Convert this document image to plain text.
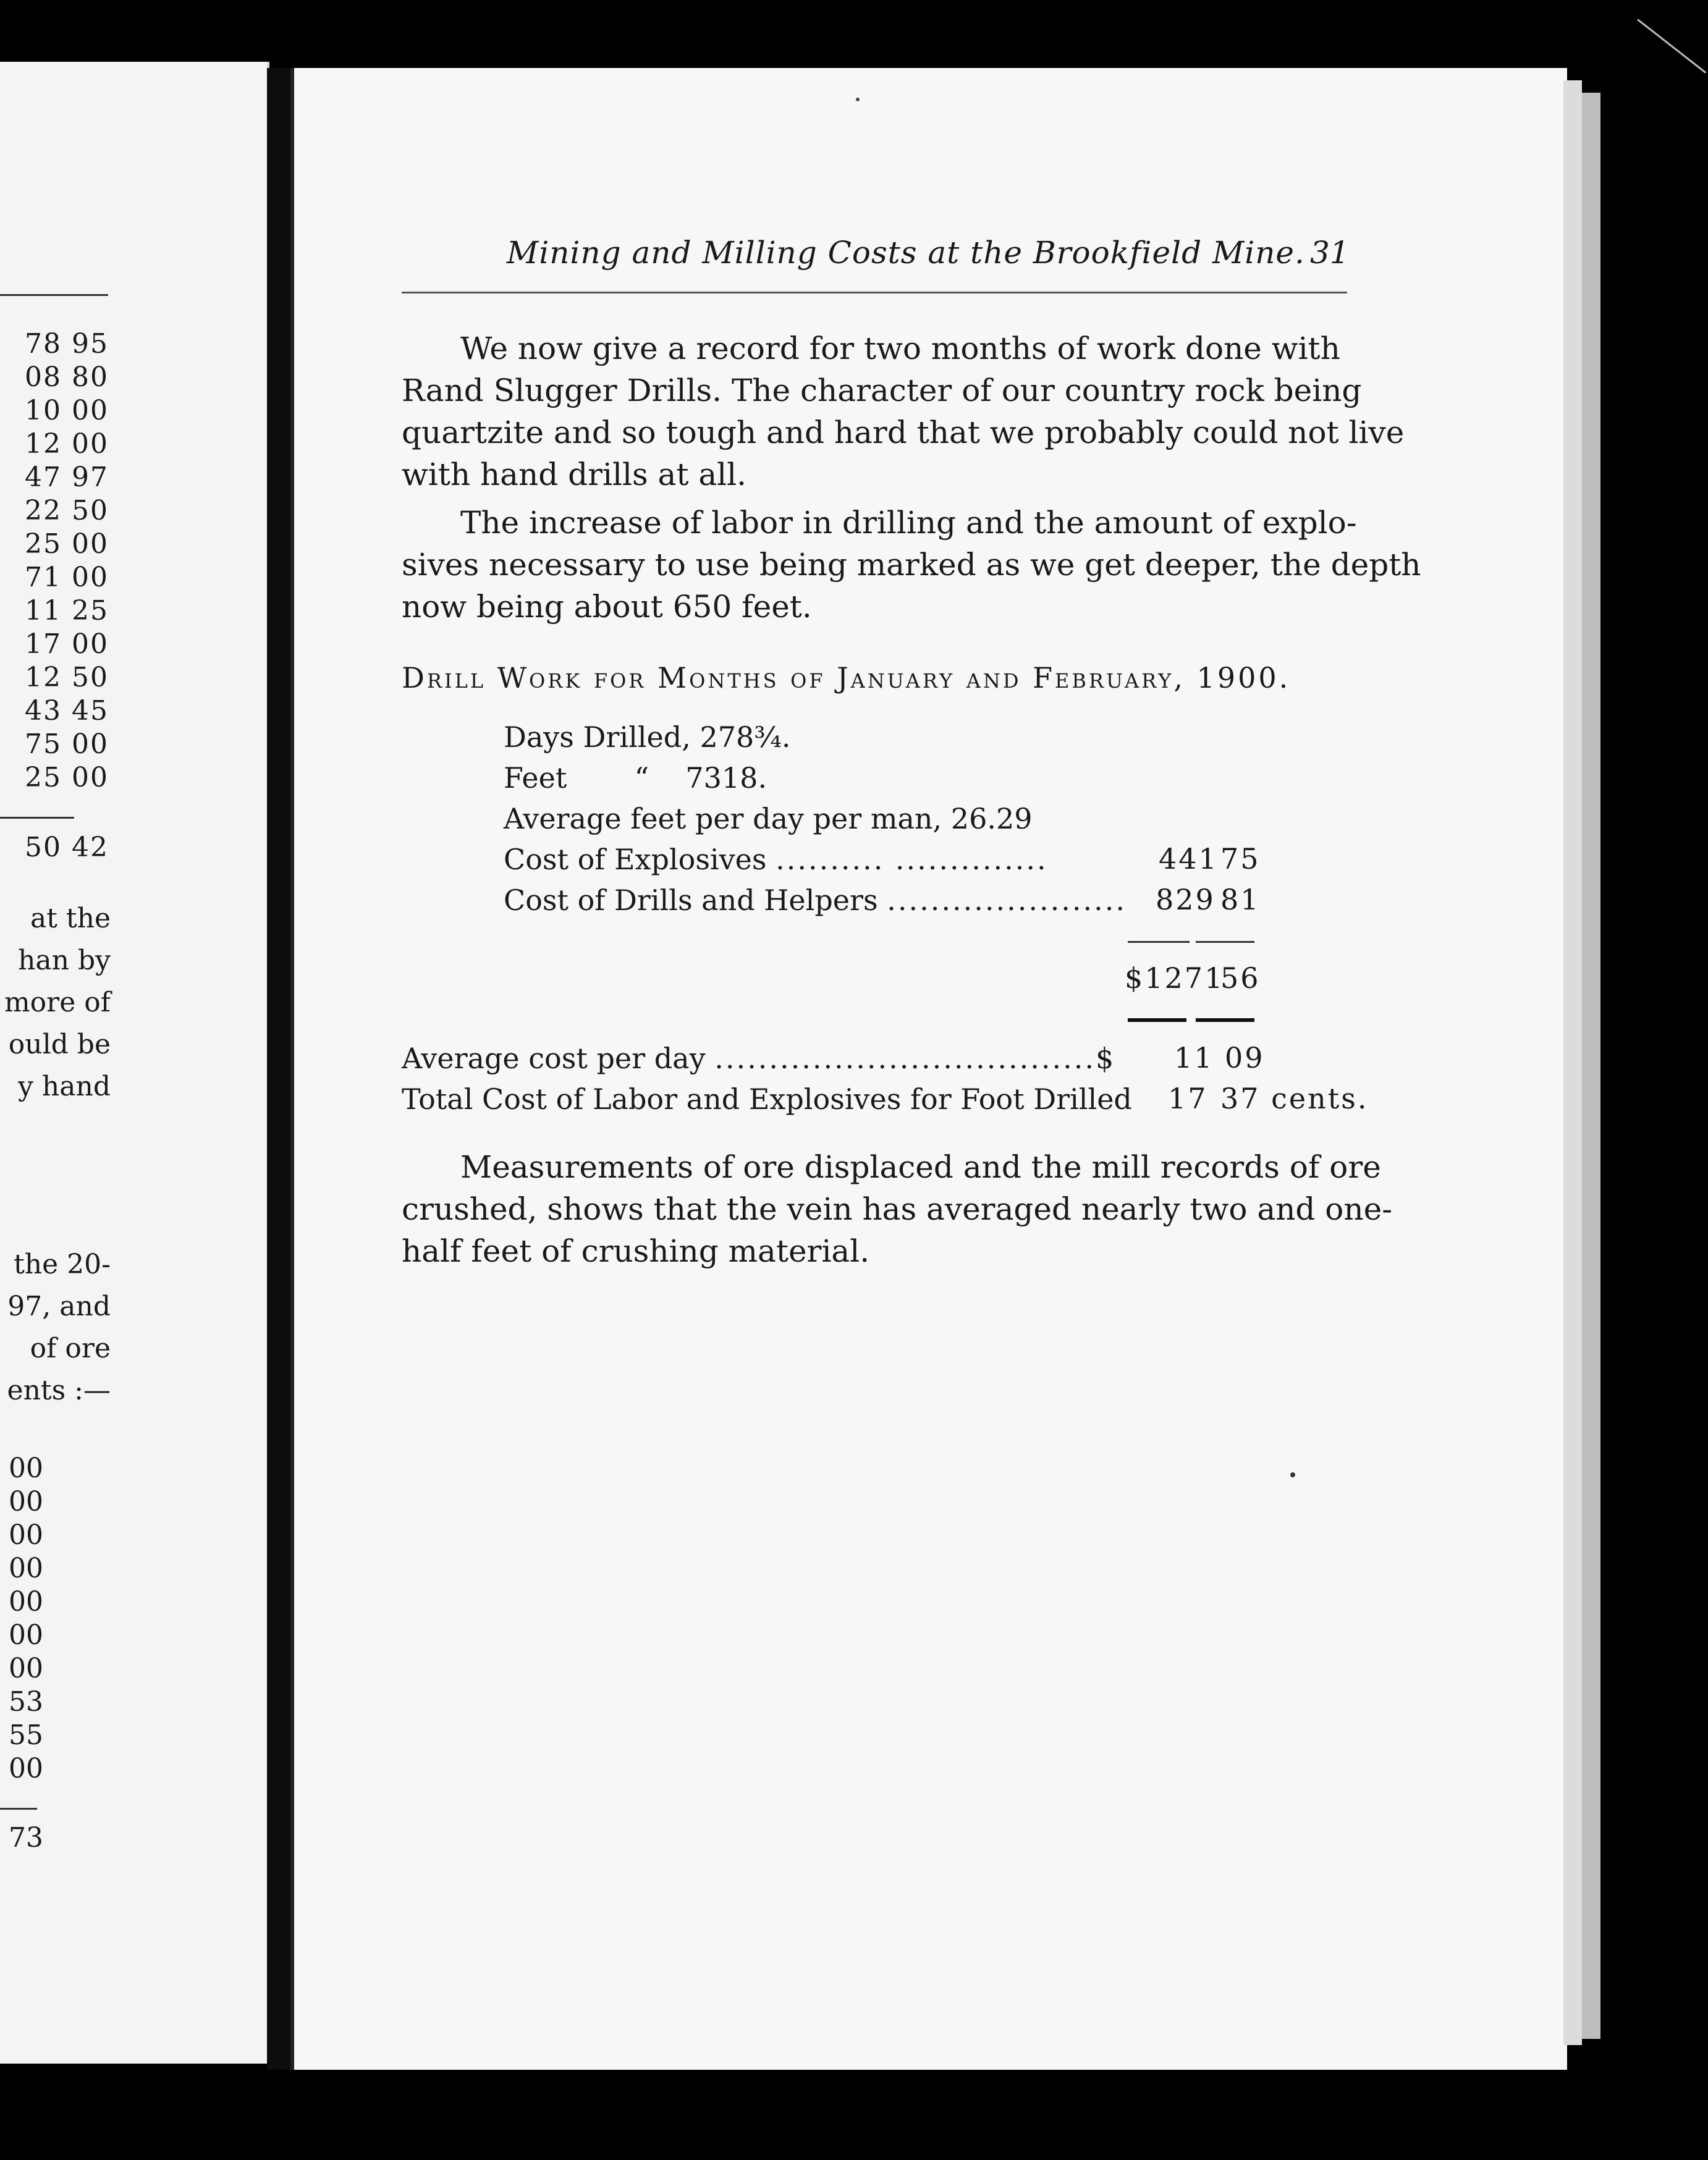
78 95
08 80
10 00
12 00
47 97
22 50
25 00
71 00
11 25
17 00
12 50
43 45
75 00
25 00
50 42
at the
han by
more of
ould be
y hand
the 20-
97, and
of ore
ents :—
00
00
00
00
00
00
00
53
55
00
73
Mining and Milling Costs at the Brookfield Mine. 31
We now give a record for two months of work done with
Rand Slugger Drills. The character of our country rock being
quartzite and so tough and hard that we probably could not live
with hand drills at all.
The increase of labor in drilling and the amount of explo-
sives necessary to use being marked as we get deeper, the depth
now being about 650 feet.
Drill Work for Months of January and February, 1900.
Days Drilled, 278¾.
Feet “ 7318.
Average feet per day per man, 26.29
Cost of Explosives .......... ..............	441 75
Cost of Drills and Helpers ...................... 829 81
$1271
56
Average cost per day ...................................$ 11 09
Total Cost of Labor and Explosives for Foot Drilled 17 37 cents.
Measurements of ore displaced and the mill records of ore
crushed, shows that the vein has averaged nearly two and one-
half feet of crushing material.
